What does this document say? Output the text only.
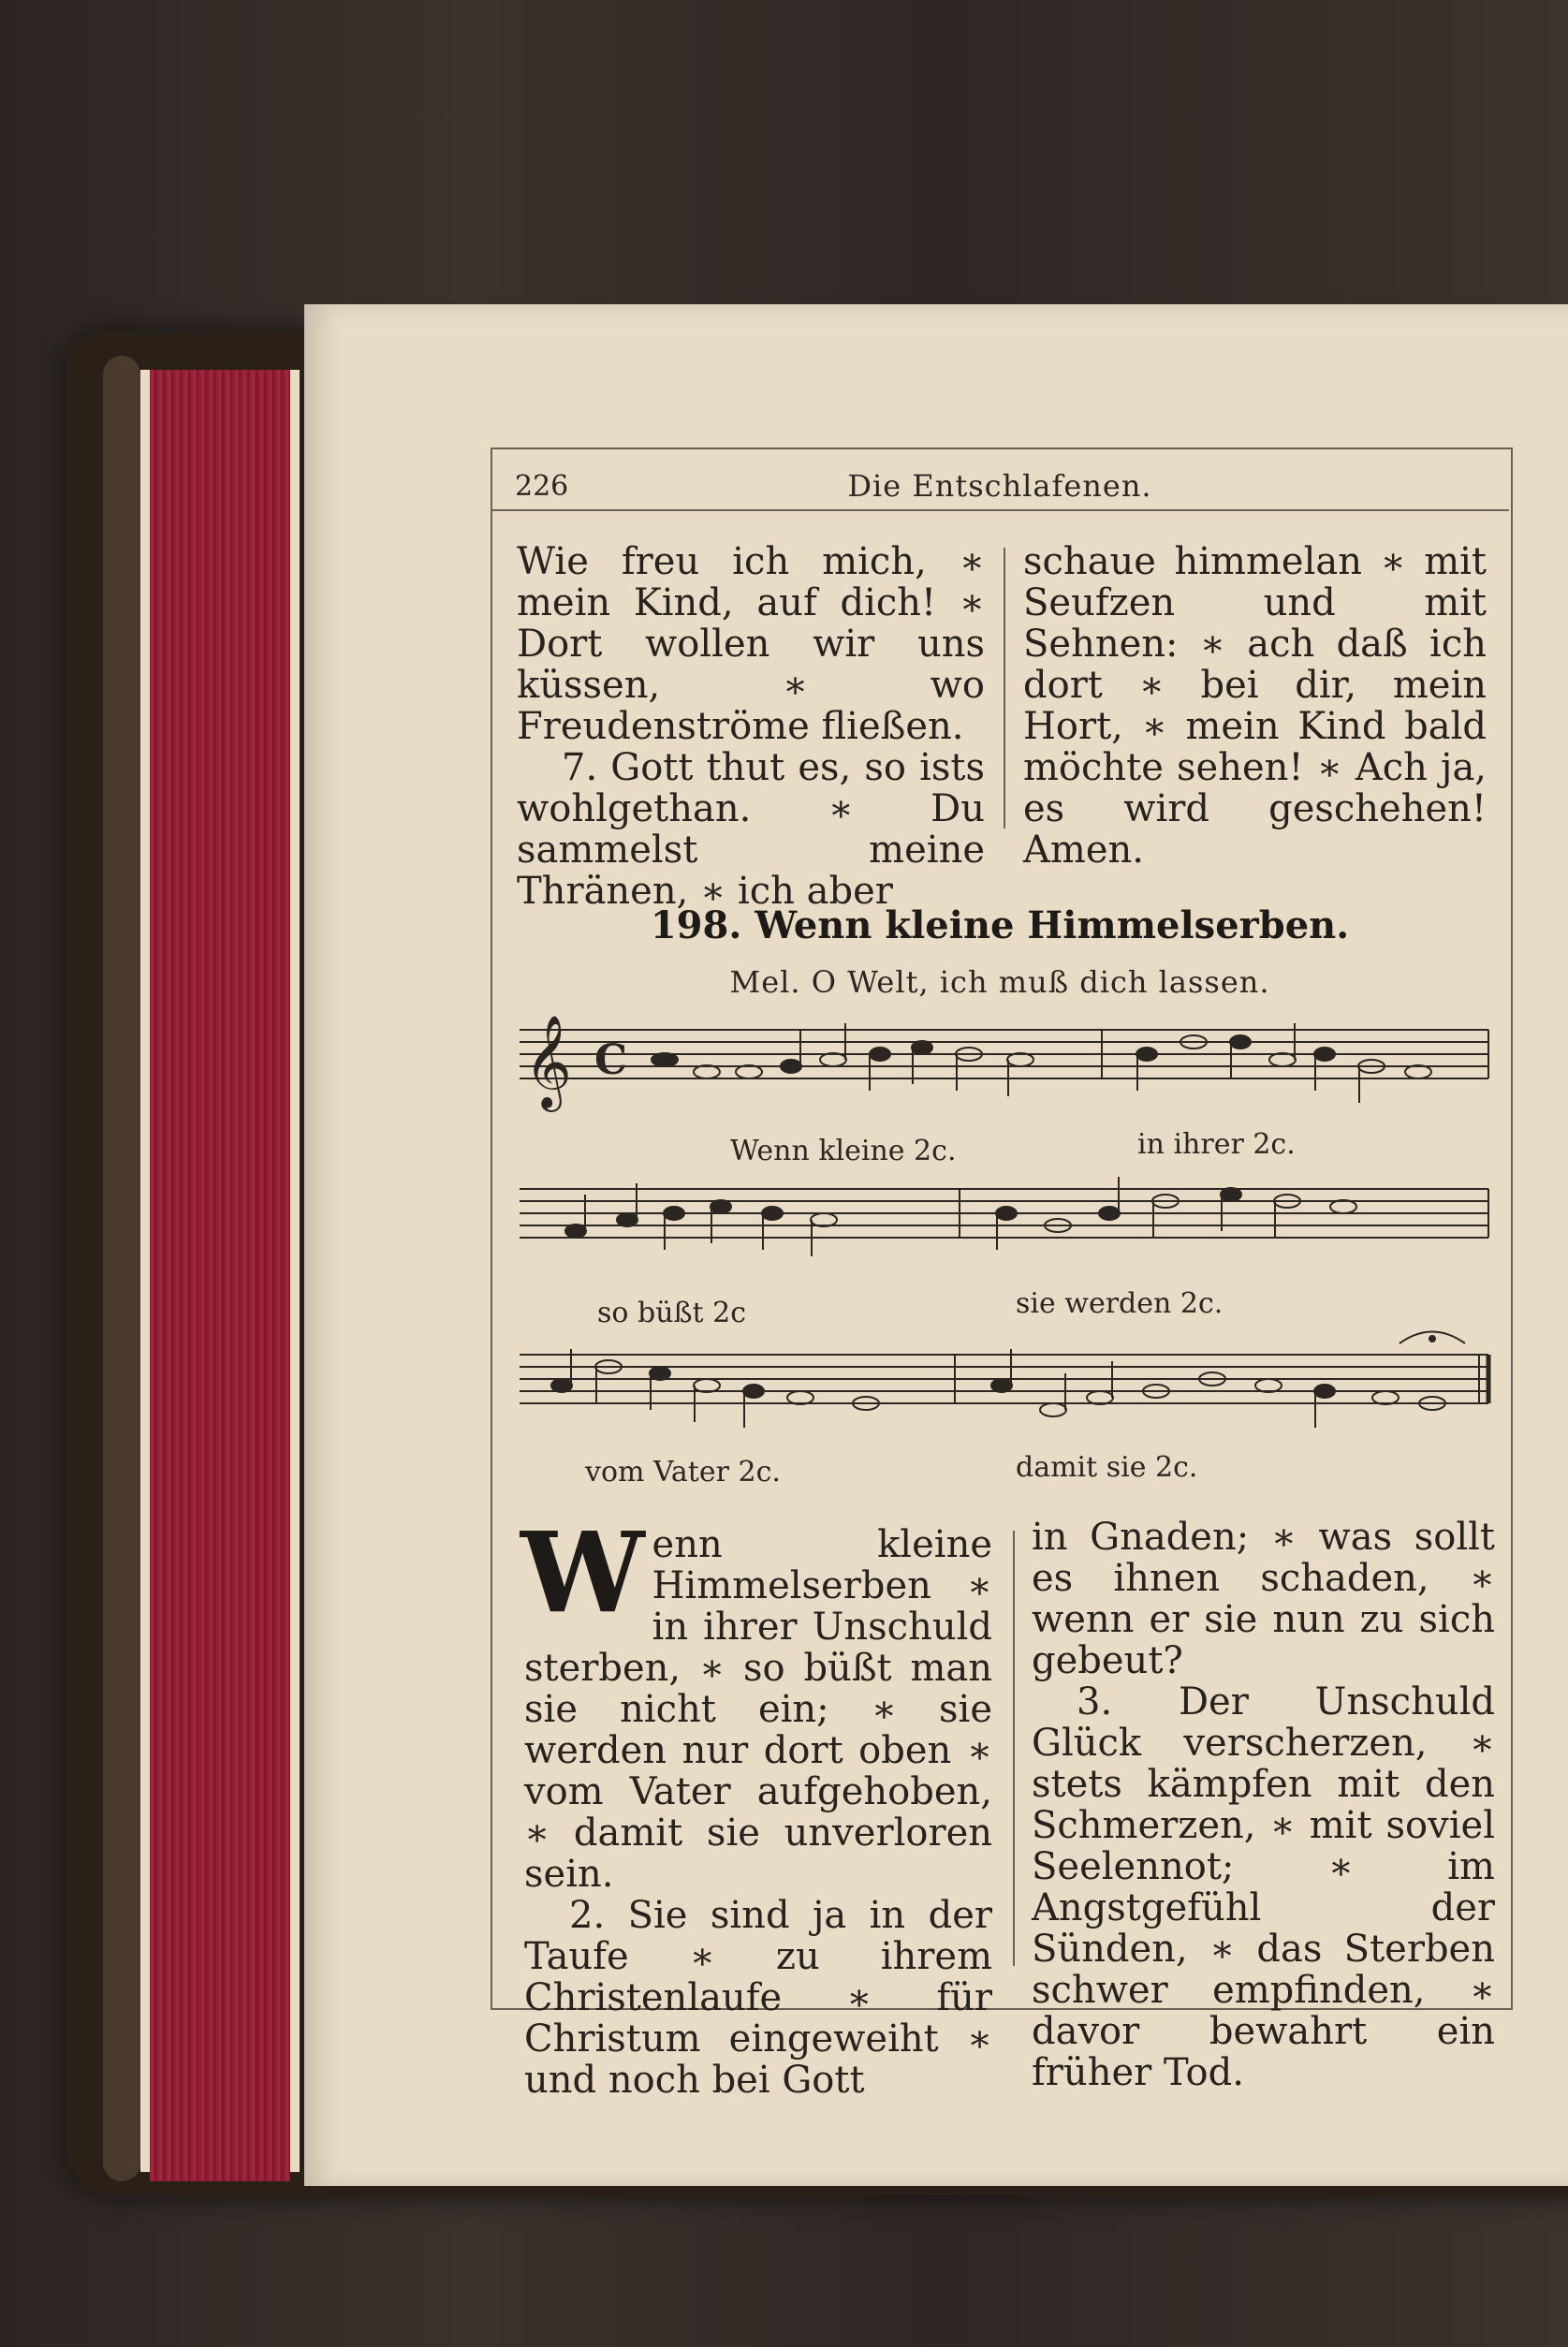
226	Die Entschlafenen.

Wie freu ich mich, ∗ mein Kind, auf dich! ∗ Dort wollen wir uns küssen, ∗ wo Freudenströme fließen.

7. Gott thut es, so ists wohlgethan. ∗ Du sammelst meine Thränen, ∗ ich aber

schaue himmelan ∗ mit Seufzen und mit Sehnen: ∗ ach daß ich dort ∗ bei dir, mein Hort, ∗ mein Kind bald möchte sehen! ∗ Ach ja, es wird geschehen! Amen.

198. Wenn kleine Himmelserben.
Mel. O Welt, ich muß dich lassen.
𝄞 C
Wenn kleine 2c.	in ihrer 2c.
so büßt 2c	sie werden 2c.
vom Vater 2c.	damit sie 2c.

Wenn kleine Himmelserben ∗ in ihrer Unschuld sterben, ∗ so büßt man sie nicht ein; ∗ sie werden nur dort oben ∗ vom Vater aufgehoben, ∗ damit sie unverloren sein.

2. Sie sind ja in der Taufe ∗ zu ihrem Christenlaufe ∗ für Christum eingeweiht ∗ und noch bei Gott

in Gnaden; ∗ was sollt es ihnen schaden, ∗ wenn er sie nun zu sich gebeut?

3. Der Unschuld Glück verscherzen, ∗ stets kämpfen mit den Schmerzen, ∗ mit soviel Seelennot; ∗ im Angstgefühl der Sünden, ∗ das Sterben schwer empfinden, ∗ davor bewahrt ein früher Tod.
